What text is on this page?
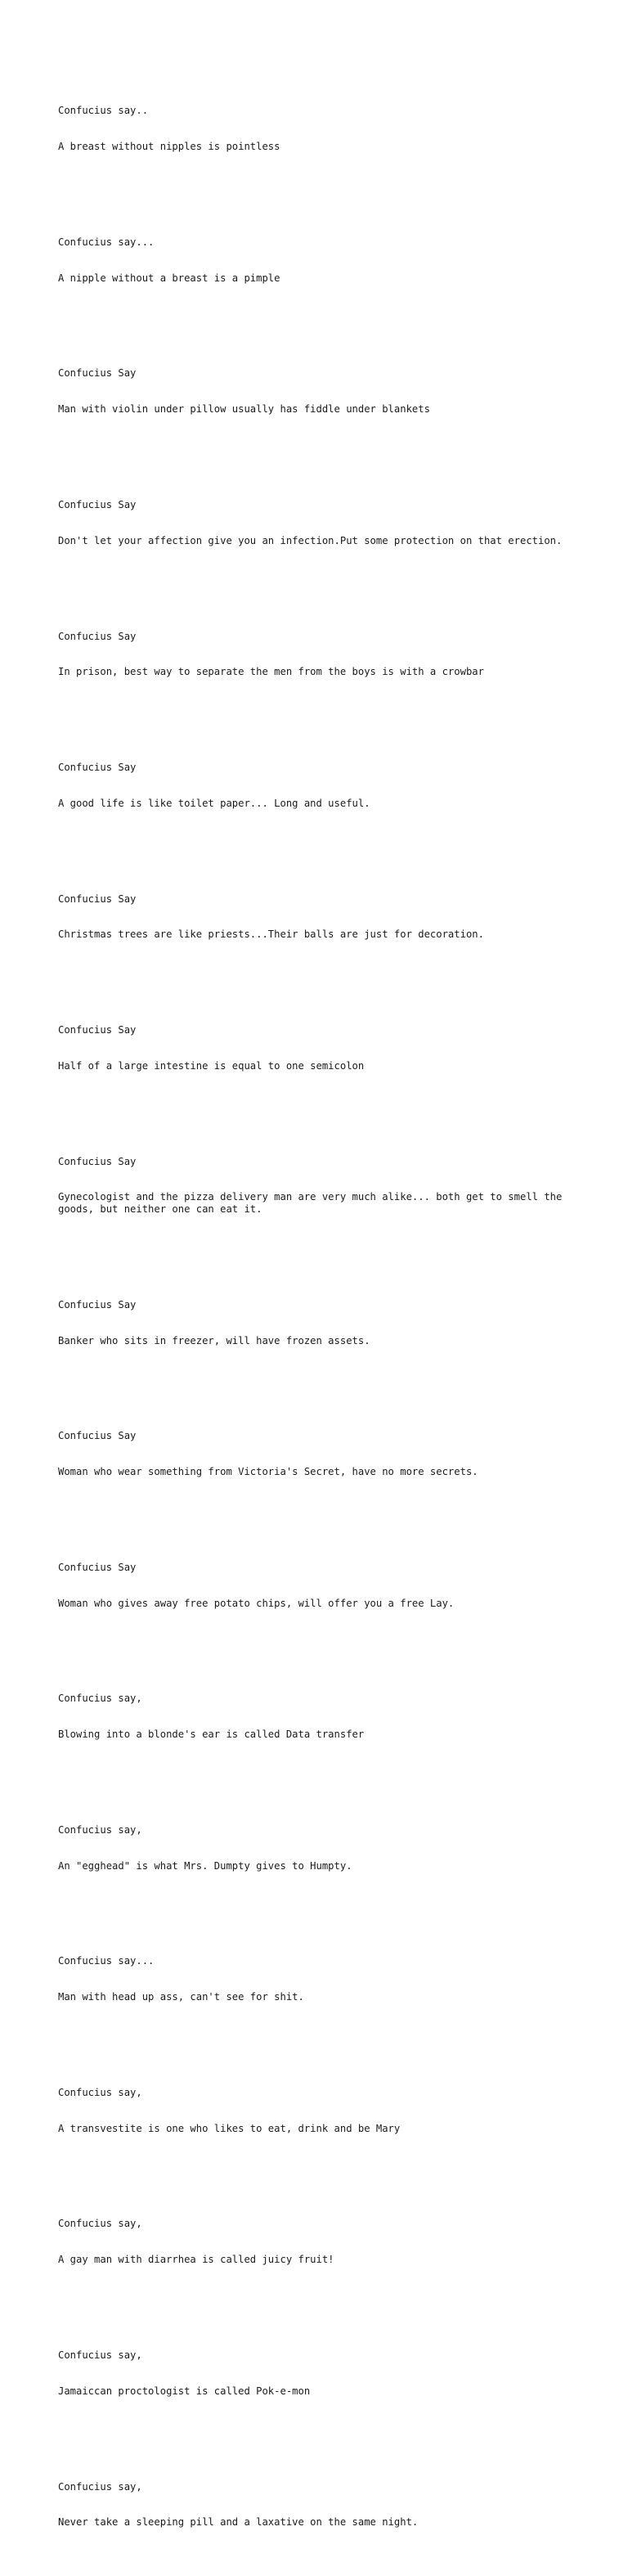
Confucius say..

A breast without nipples is pointless

Confucius say...

A nipple without a breast is a pimple

Confucius Say

Man with violin under pillow usually has fiddle under blankets

Confucius Say

Don't let your affection give you an infection.Put some protection on that erection.

Confucius Say

In prison, best way to separate the men from the boys is with a crowbar

Confucius Say

A good life is like toilet paper... Long and useful.

Confucius Say

Christmas trees are like priests...Their balls are just for decoration.

Confucius Say

Half of a large intestine is equal to one semicolon

Confucius Say

Gynecologist and the pizza delivery man are very much alike... both get to smell the goods, but neither one can eat it.

Confucius Say

Banker who sits in freezer, will have frozen assets.

Confucius Say

Woman who wear something from Victoria's Secret, have no more secrets.

Confucius Say

Woman who gives away free potato chips, will offer you a free Lay.

Confucius say,

Blowing into a blonde's ear is called Data transfer

Confucius say,

An "egghead" is what Mrs. Dumpty gives to Humpty.

Confucius say...

Man with head up ass, can't see for shit.

Confucius say,

A transvestite is one who likes to eat, drink and be Mary

Confucius say,

A gay man with diarrhea is called juicy fruit!

Confucius say,

Jamaiccan proctologist is called Pok-e-mon

Confucius say,

Never take a sleeping pill and a laxative on the same night.
